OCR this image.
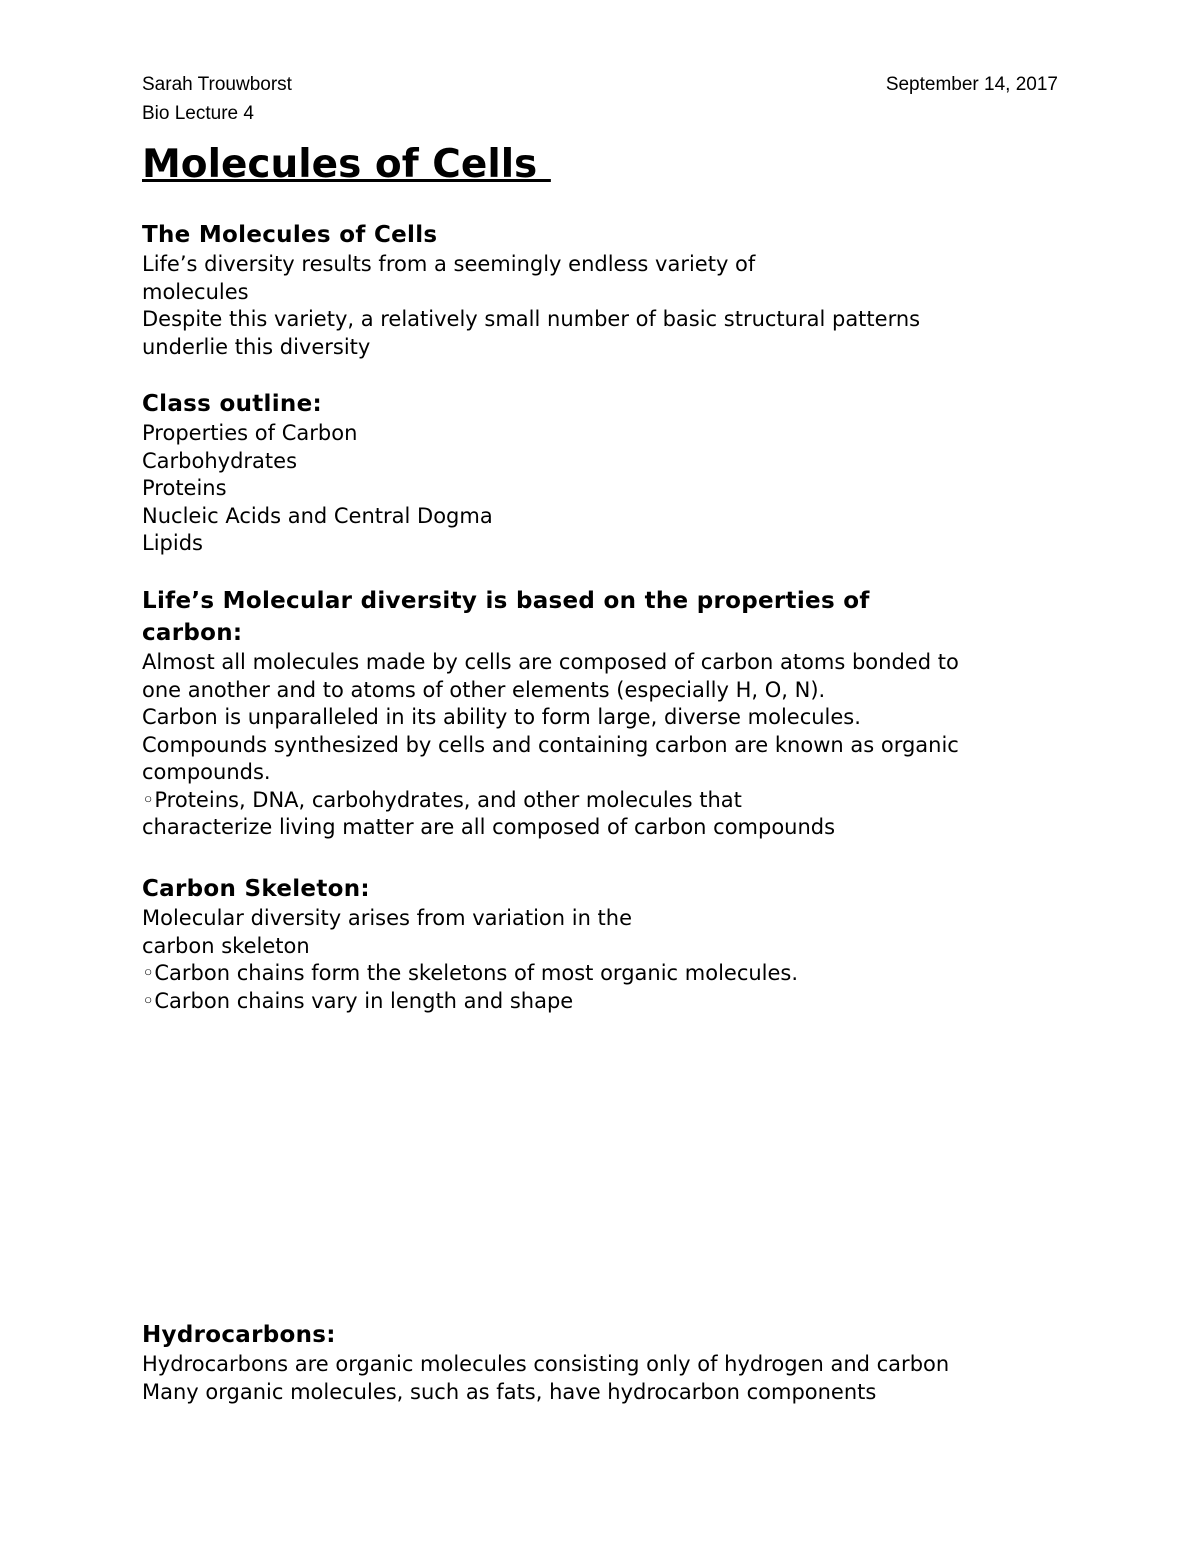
Sarah Trouwborst
Bio Lecture 4
September 14, 2017
Molecules of Cells
The Molecules of Cells

Life’s diversity results from a seemingly endless variety of

molecules

Despite this variety, a relatively small number of basic structural patterns

underlie this diversity

Class outline:

Properties of Carbon

Carbohydrates

Proteins

Nucleic Acids and Central Dogma

Lipids

Life’s Molecular diversity is based on the properties of
carbon:

Almost all molecules made by cells are composed of carbon atoms bonded to

one another and to atoms of other elements (especially H, O, N).

Carbon is unparalleled in its ability to form large, diverse molecules.

Compounds synthesized by cells and containing carbon are known as organic

compounds.

◦Proteins, DNA, carbohydrates, and other molecules that

characterize living matter are all composed of carbon compounds

Carbon Skeleton:

Molecular diversity arises from variation in the

carbon skeleton

◦Carbon chains form the skeletons of most organic molecules.

◦Carbon chains vary in length and shape

Hydrocarbons:

Hydrocarbons are organic molecules consisting only of hydrogen and carbon

Many organic molecules, such as fats, have hydrocarbon components
